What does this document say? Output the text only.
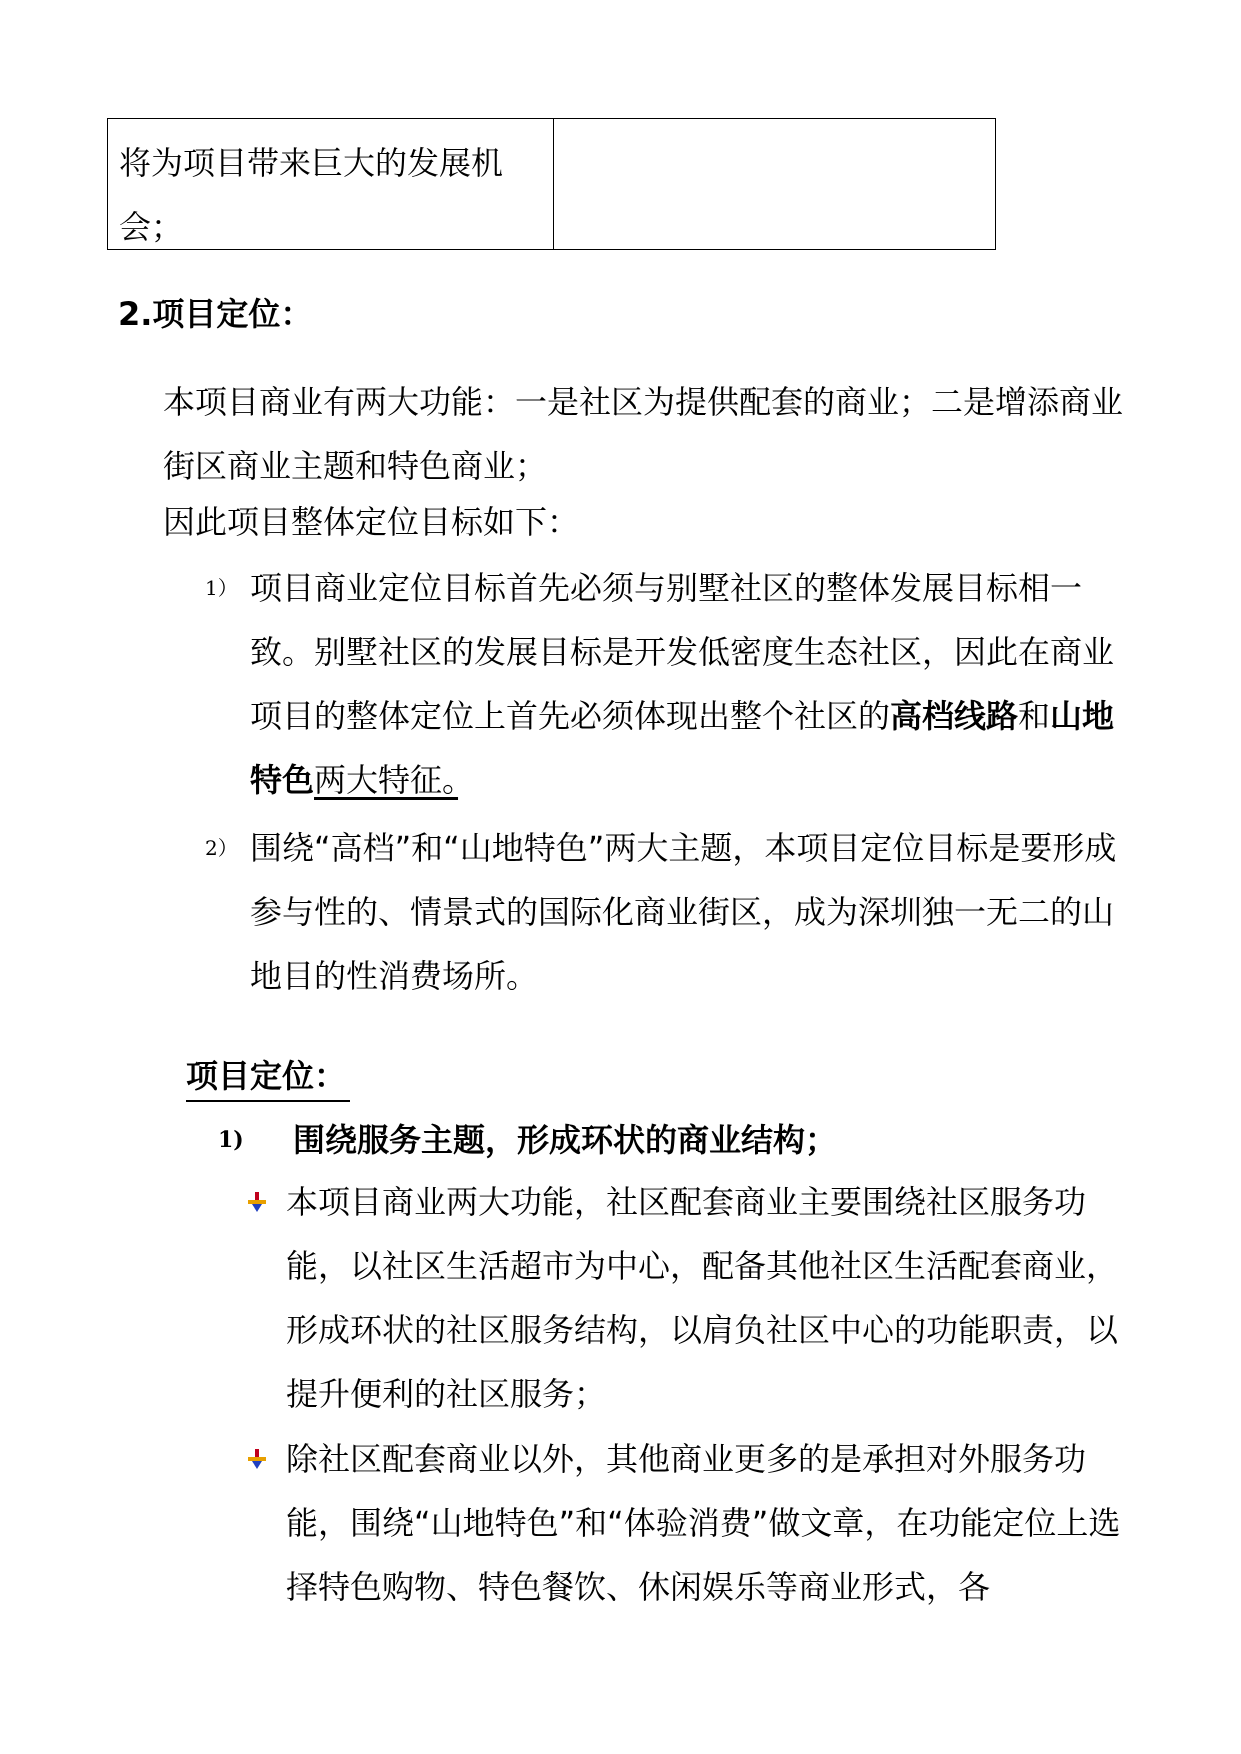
将为项目带来巨大的发展机会；
2.项目定位：
本项目商业有两大功能：一是社区为提供配套的商业；二是增添商业街区商业主题和特色商业；
因此项目整体定位目标如下：
1） 项目商业定位目标首先必须与别墅社区的整体发展目标相一致。别墅社区的发展目标是开发低密度生态社区，因此在商业项目的整体定位上首先必须体现出整个社区的高档线路和山地特色两大特征。　
2） 围绕“高档”和“山地特色”两大主题，本项目定位目标是要形成参与性的、情景式的国际化商业街区，成为深圳独一无二的山地目的性消费场所。
项目定位：
1) 围绕服务主题，形成环状的商业结构；
本项目商业两大功能，社区配套商业主要围绕社区服务功能，以社区生活超市为中心，配备其他社区生活配套商业，形成环状的社区服务结构，以肩负社区中心的功能职责，以提升便利的社区服务；
除社区配套商业以外，其他商业更多的是承担对外服务功能，围绕“山地特色”和“体验消费”做文章，在功能定位上选择特色购物、特色餐饮、休闲娱乐等商业形式，各
